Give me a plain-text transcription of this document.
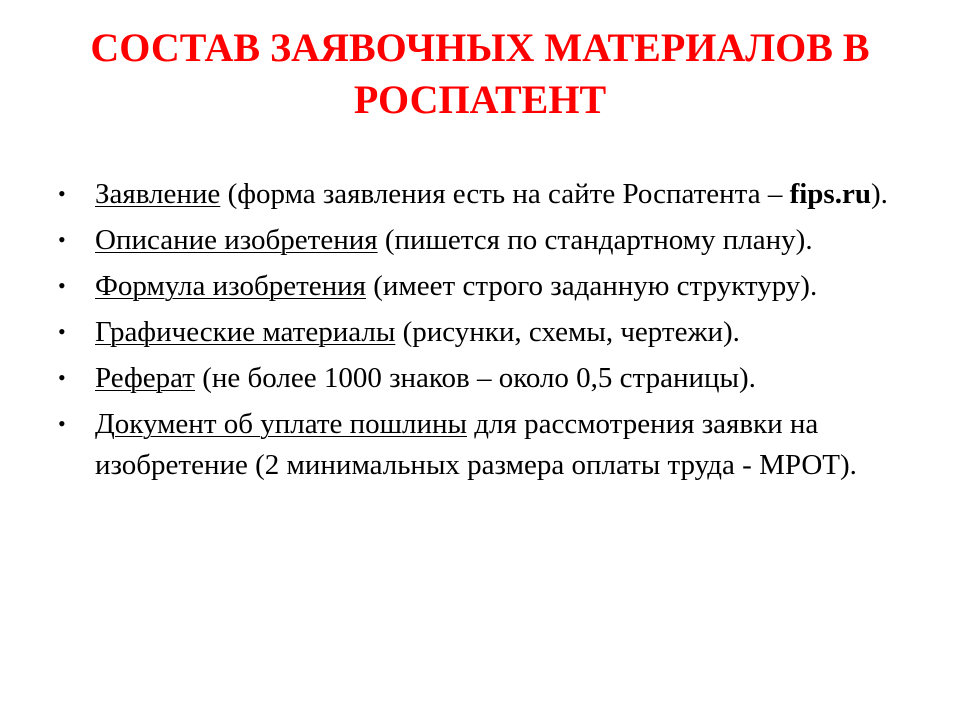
СОСТАВ ЗАЯВОЧНЫХ МАТЕРИАЛОВ В РОСПАТЕНТ
• Заявление (форма заявления есть на сайте Роспатента – fips.ru).
• Описание изобретения (пишется по стандартному плану).
• Формула изобретения (имеет строго заданную структуру).
• Графические материалы (рисунки, схемы, чертежи).
• Реферат (не более 1000 знаков – около 0,5 страницы).
• Документ об уплате пошлины для рассмотрения заявки на изобретение (2 минимальных размера оплаты труда - МРОТ).
